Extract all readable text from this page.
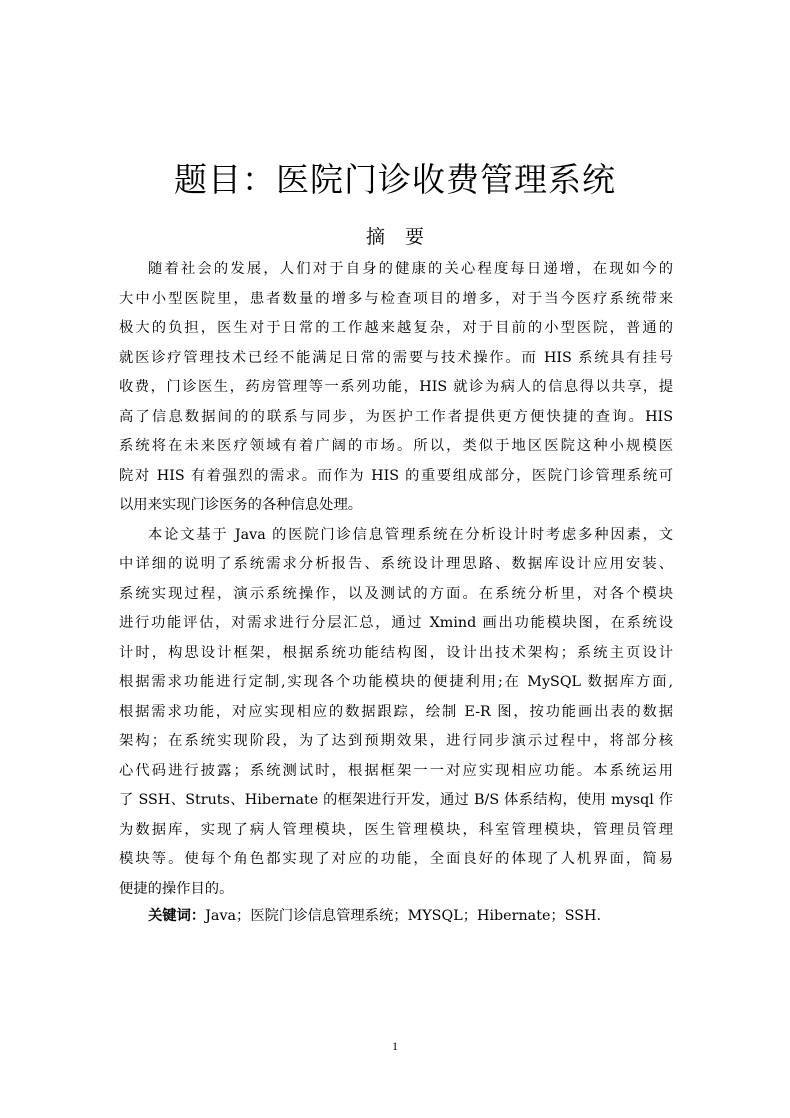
题目：医院门诊收费管理系统
摘要
随着社会的发展，人们对于自身的健康的关心程度每日递增，在现如今的
大中小型医院里，患者数量的增多与检查项目的增多，对于当今医疗系统带来
极大的负担，医生对于日常的工作越来越复杂，对于目前的小型医院，普通的
就医诊疗管理技术已经不能满足日常的需要与技术操作。而 HIS 系统具有挂号
收费，门诊医生，药房管理等一系列功能，HIS 就诊为病人的信息得以共享，提
高了信息数据间的的联系与同步，为医护工作者提供更方便快捷的查询。HIS
系统将在未来医疗领域有着广阔的市场。所以，类似于地区医院这种小规模医
院对 HIS 有着强烈的需求。而作为 HIS 的重要组成部分，医院门诊管理系统可
以用来实现门诊医务的各种信息处理。
本论文基于 Java 的医院门诊信息管理系统在分析设计时考虑多种因素，文
中详细的说明了系统需求分析报告、系统设计理思路、数据库设计应用安装、
系统实现过程，演示系统操作，以及测试的方面。在系统分析里，对各个模块
进行功能评估，对需求进行分层汇总，通过 Xmind 画出功能模块图，在系统设
计时，构思设计框架，根据系统功能结构图，设计出技术架构；系统主页设计
根据需求功能进行定制,实现各个功能模块的便捷利用;在 MySQL 数据库方面,
根据需求功能，对应实现相应的数据跟踪，绘制 E-R 图，按功能画出表的数据
架构；在系统实现阶段，为了达到预期效果，进行同步演示过程中，将部分核
心代码进行披露；系统测试时，根据框架一一对应实现相应功能。本系统运用
了 SSH、Struts、Hibernate 的框架进行开发，通过 B/S 体系结构，使用 mysql 作
为数据库，实现了病人管理模块，医生管理模块，科室管理模块，管理员管理
模块等。使每个角色都实现了对应的功能，全面良好的体现了人机界面，简易
便捷的操作目的。
关键词：Java；医院门诊信息管理系统；MYSQL；Hibernate；SSH.
1
